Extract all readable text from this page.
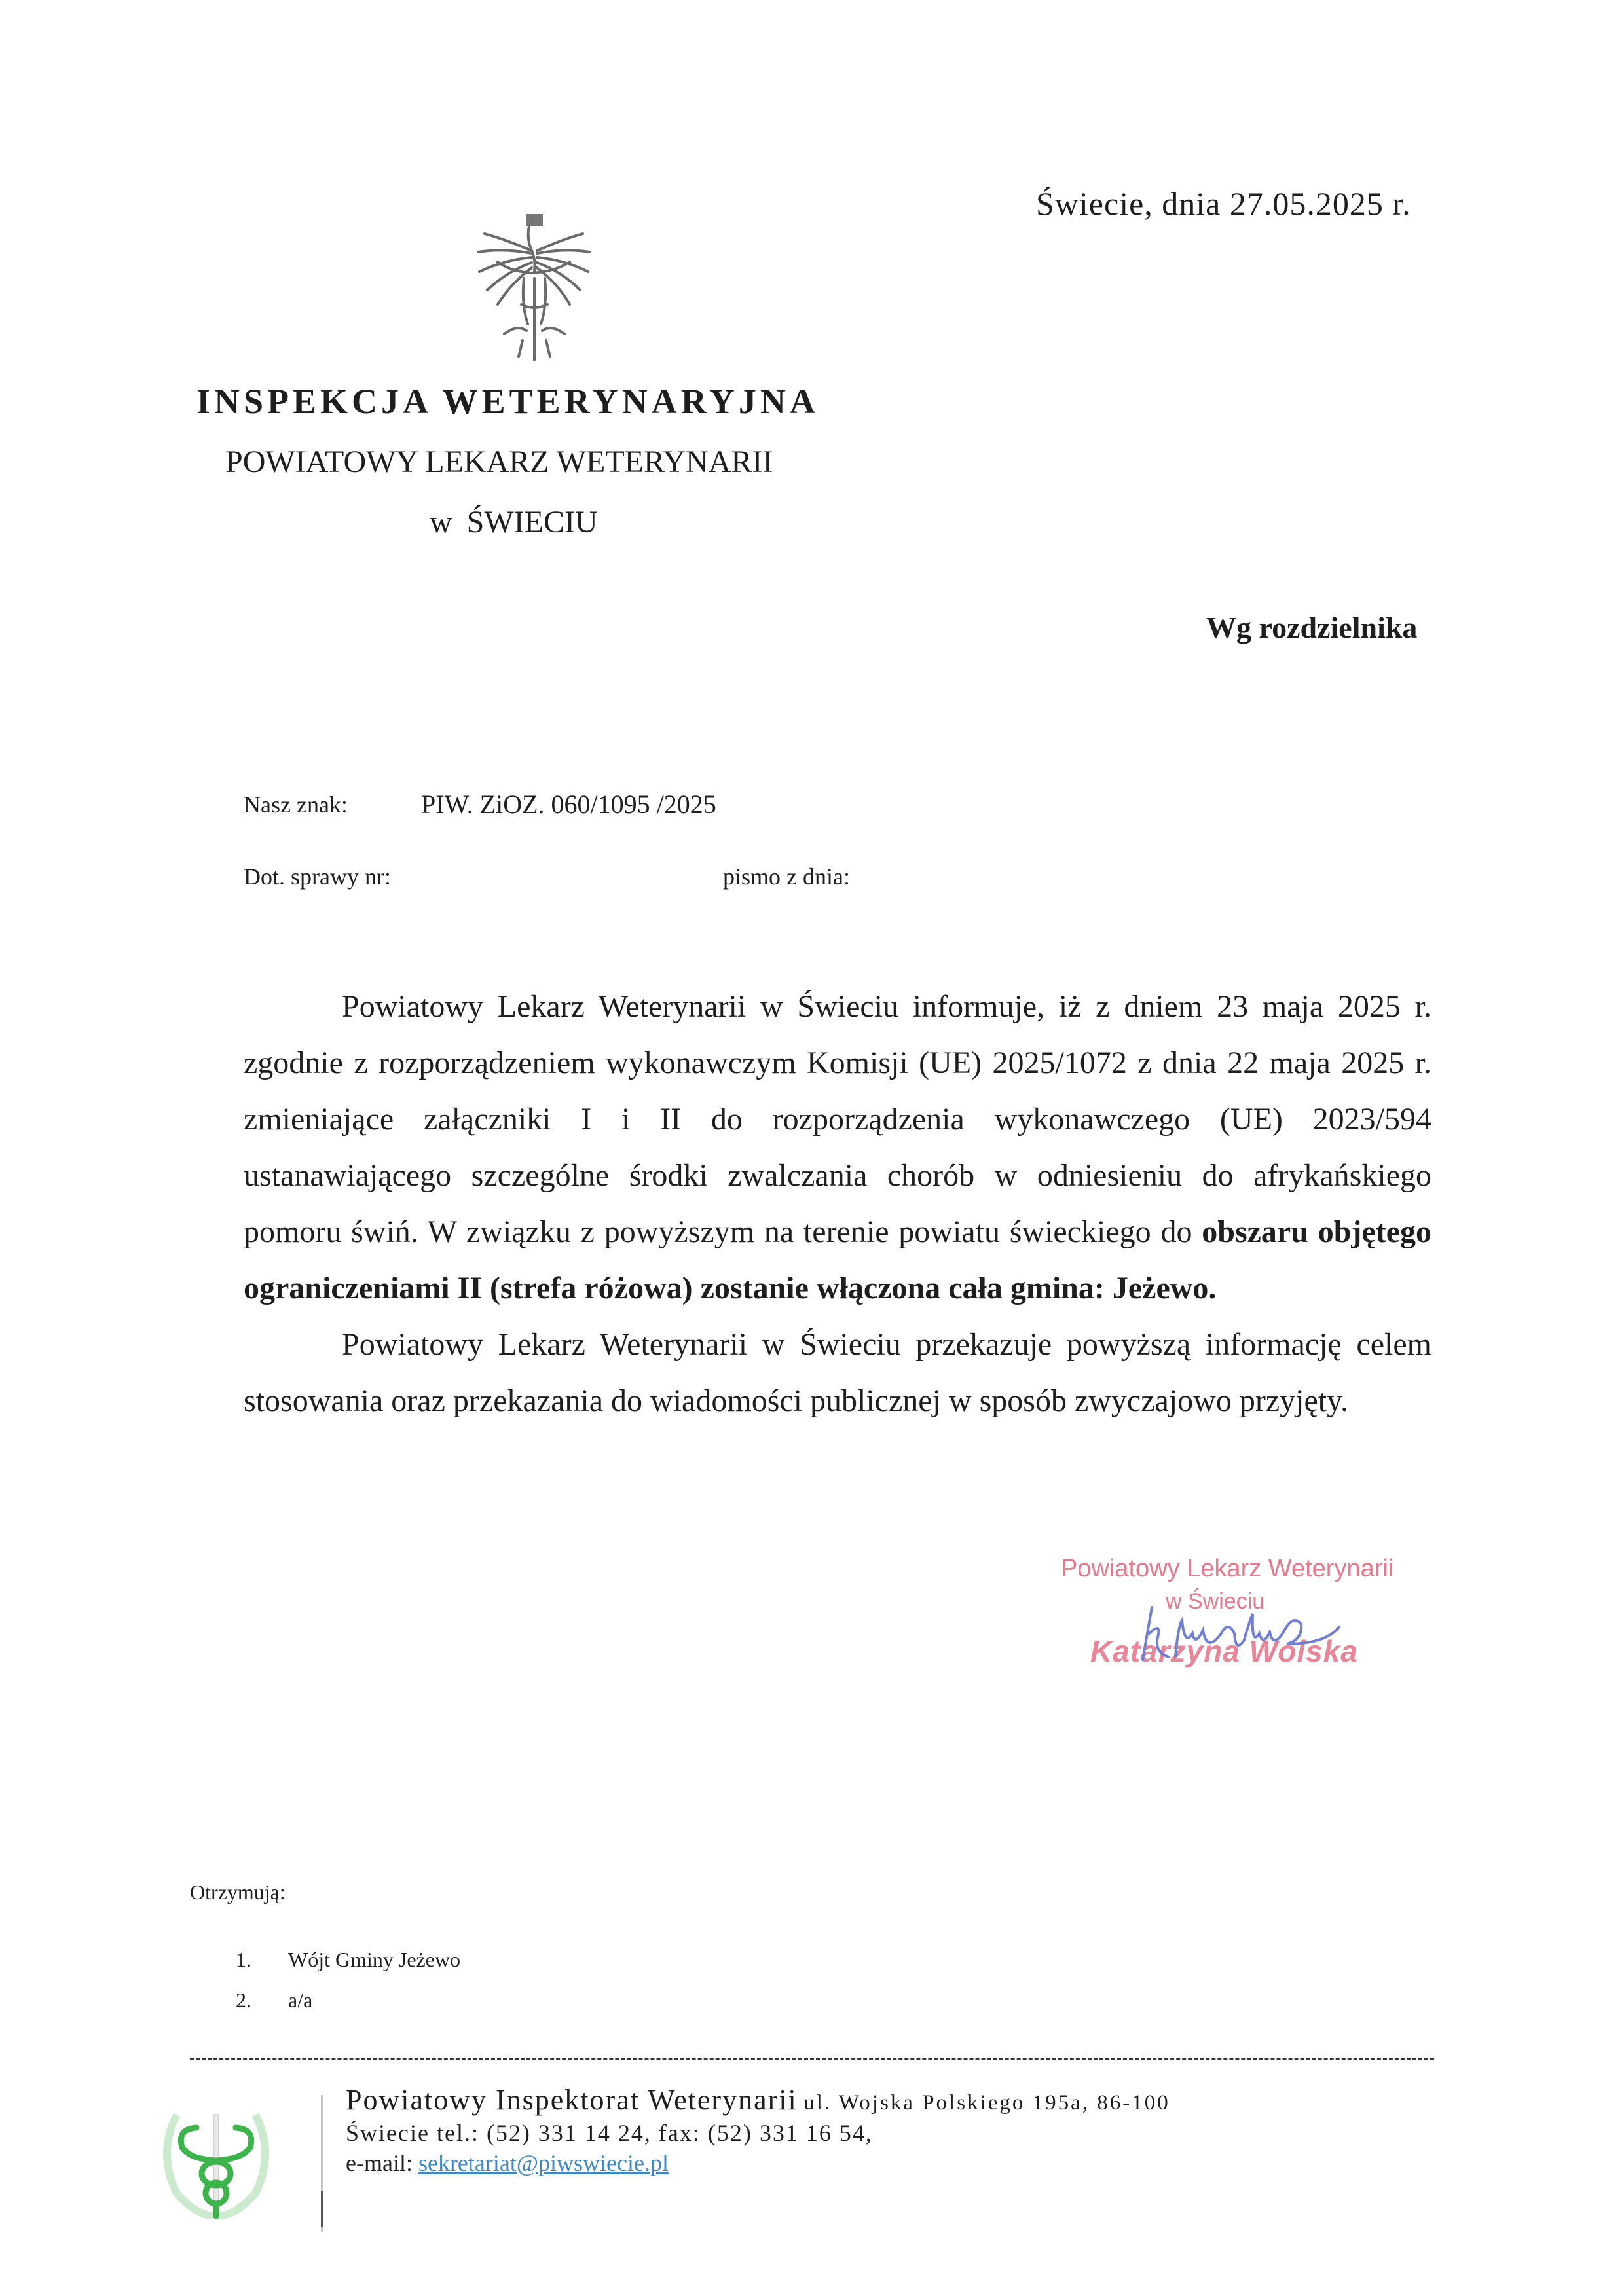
Świecie, dnia 27.05.2025 r.
INSPEKCJA WETERYNARYJNA
POWIATOWY LEKARZ WETERYNARII
w ŚWIECIU
Wg rozdzielnika
Nasz znak:	PIW. ZiOZ. 060/1095 /2025
Dot. sprawy nr:	pismo z dnia:

Powiatowy Lekarz Weterynarii w Świeciu informuje, iż z dniem 23 maja 2025 r. zgodnie z rozporządzeniem wykonawczym Komisji (UE) 2025/1072 z dnia 22 maja 2025 r. zmieniające załączniki I i II do rozporządzenia wykonawczego (UE) 2023/594 ustanawiającego szczególne środki zwalczania chorób w odniesieniu do afrykańskiego pomoru świń. W związku z powyższym na terenie powiatu świeckiego do obszaru objętego ograniczeniami II (strefa różowa) zostanie włączona cała gmina: Jeżewo.

Powiatowy Lekarz Weterynarii w Świeciu przekazuje powyższą informację celem stosowania oraz przekazania do wiadomości publicznej w sposób zwyczajowo przyjęty.

Powiatowy Lekarz Weterynarii
w Świeciu
Katarzyna Wolska
Otrzymują:
1.	Wójt Gminy Jeżewo
2.	a/a
Powiatowy Inspektorat Weterynarii ul. Wojska Polskiego 195a, 86-100
Świecie tel.: (52) 331 14 24, fax: (52) 331 16 54,
e-mail: sekretariat@piwswiecie.pl
